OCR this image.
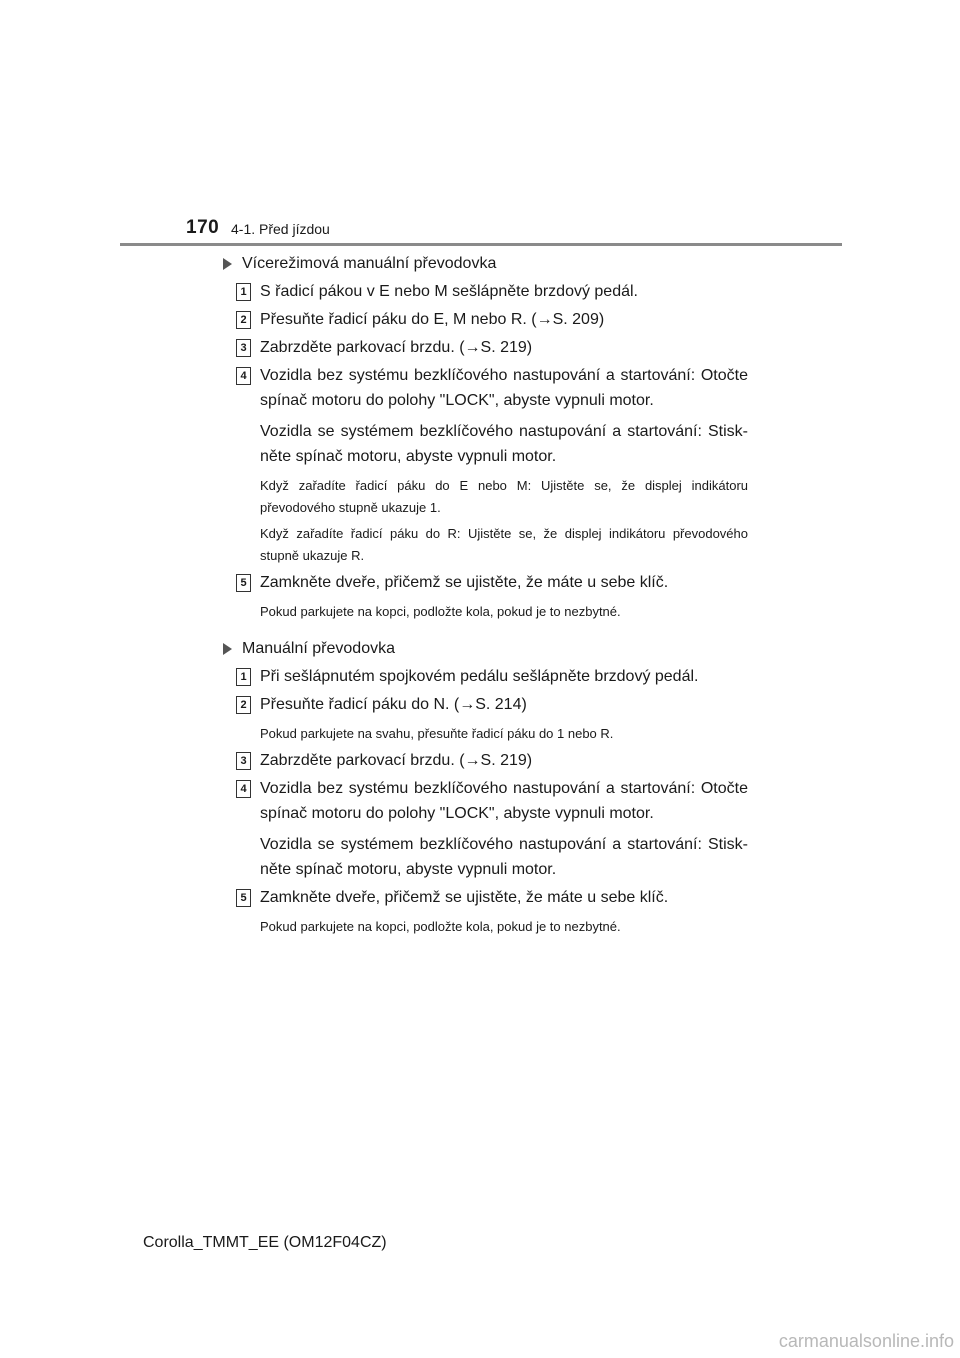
170 4-1. Před jízdou
Vícerežimová manuální převodovka
1 S řadicí pákou v E nebo M sešlápněte brzdový pedál.
2 Přesuňte řadicí páku do E, M nebo R. (→S. 209)
3 Zabrzděte parkovací brzdu. (→S. 219)
4 Vozidla bez systému bezklíčového nastupování a startování: Otočte spínač motoru do polohy "LOCK", abyste vypnuli motor.
Vozidla se systémem bezklíčového nastupování a startování: Stiskněte spínač motoru, abyste vypnuli motor.
Když zařadíte řadicí páku do E nebo M: Ujistěte se, že displej indikátoru převodového stupně ukazuje 1.
Když zařadíte řadicí páku do R: Ujistěte se, že displej indikátoru převodového stupně ukazuje R.
5 Zamkněte dveře, přičemž se ujistěte, že máte u sebe klíč.
Pokud parkujete na kopci, podložte kola, pokud je to nezbytné.
Manuální převodovka
1 Při sešlápnutém spojkovém pedálu sešlápněte brzdový pedál.
2 Přesuňte řadicí páku do N. (→S. 214)
Pokud parkujete na svahu, přesuňte řadicí páku do 1 nebo R.
3 Zabrzděte parkovací brzdu. (→S. 219)
4 Vozidla bez systému bezklíčového nastupování a startování: Otočte spínač motoru do polohy "LOCK", abyste vypnuli motor.
Vozidla se systémem bezklíčového nastupování a startování: Stiskněte spínač motoru, abyste vypnuli motor.
5 Zamkněte dveře, přičemž se ujistěte, že máte u sebe klíč.
Pokud parkujete na kopci, podložte kola, pokud je to nezbytné.
Corolla_TMMT_EE (OM12F04CZ)
carmanualsonline.info
